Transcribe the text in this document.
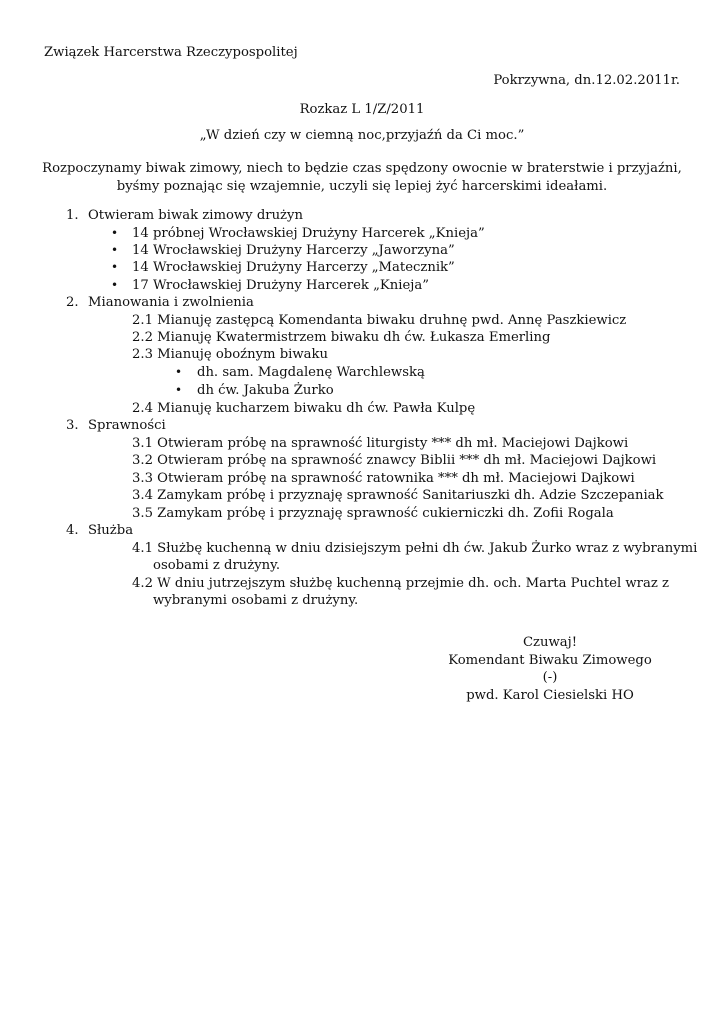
Związek Harcerstwa Rzeczypospolitej
Pokrzywna, dn.12.02.2011r.
Rozkaz L 1/Z/2011
„W dzień czy w ciemną noc,przyjaźń da Ci moc.”
Rozpoczynamy biwak zimowy, niech to będzie czas spędzony owocnie w braterstwie i przyjaźni,
byśmy poznając się wzajemnie, uczyli się lepiej żyć harcerskimi ideałami.
1. Otwieram biwak zimowy drużyn
• 14 próbnej Wrocławskiej Drużyny Harcerek „Knieja”
• 14 Wrocławskiej Drużyny Harcerzy „Jaworzyna”
• 14 Wrocławskiej Drużyny Harcerzy „Matecznik”
• 17 Wrocławskiej Drużyny Harcerek „Knieja”
2. Mianowania i zwolnienia
2.1 Mianuję zastępcą Komendanta biwaku druhnę pwd. Annę Paszkiewicz
2.2 Mianuję Kwatermistrzem biwaku dh ćw. Łukasza Emerling
2.3 Mianuję oboźnym biwaku
• dh. sam. Magdalenę Warchlewską
• dh ćw. Jakuba Żurko
2.4 Mianuję kucharzem biwaku dh ćw. Pawła Kulpę
3. Sprawności
3.1 Otwieram próbę na sprawność liturgisty *** dh mł. Maciejowi Dajkowi
3.2 Otwieram próbę na sprawność znawcy Biblii *** dh mł. Maciejowi Dajkowi
3.3 Otwieram próbę na sprawność ratownika *** dh mł. Maciejowi Dajkowi
3.4 Zamykam próbę i przyznaję sprawność Sanitariuszki dh. Adzie Szczepaniak
3.5 Zamykam próbę i przyznaję sprawność cukierniczki dh. Zofii Rogala
4. Służba
4.1 Służbę kuchenną w dniu dzisiejszym pełni dh ćw. Jakub Żurko wraz z wybranymi
osobami z drużyny.
4.2 W dniu jutrzejszym służbę kuchenną przejmie dh. och. Marta Puchtel wraz z
wybranymi osobami z drużyny.
Czuwaj!
Komendant Biwaku Zimowego
(-)
pwd. Karol Ciesielski HO
